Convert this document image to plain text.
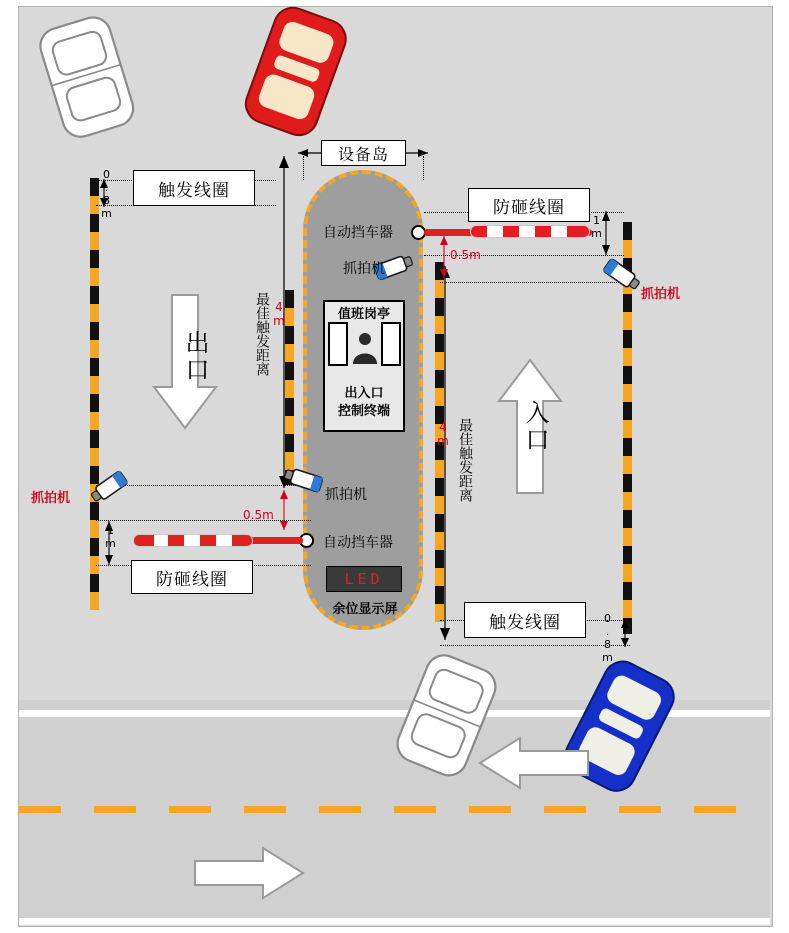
设备岛
0.8m	触发线圈
0.8m
触发线圈
最佳触发距离 4m
最佳触发距离
4m
出口
入口
自动挡车器
防砸线圈
1m
0.5m
自动挡车器
防砸线圈
1m
0.5m
抓拍机
抓拍机
抓拍机	抓拍机
值班岗亭
出入口
控制终端
LED
余位显示屏
